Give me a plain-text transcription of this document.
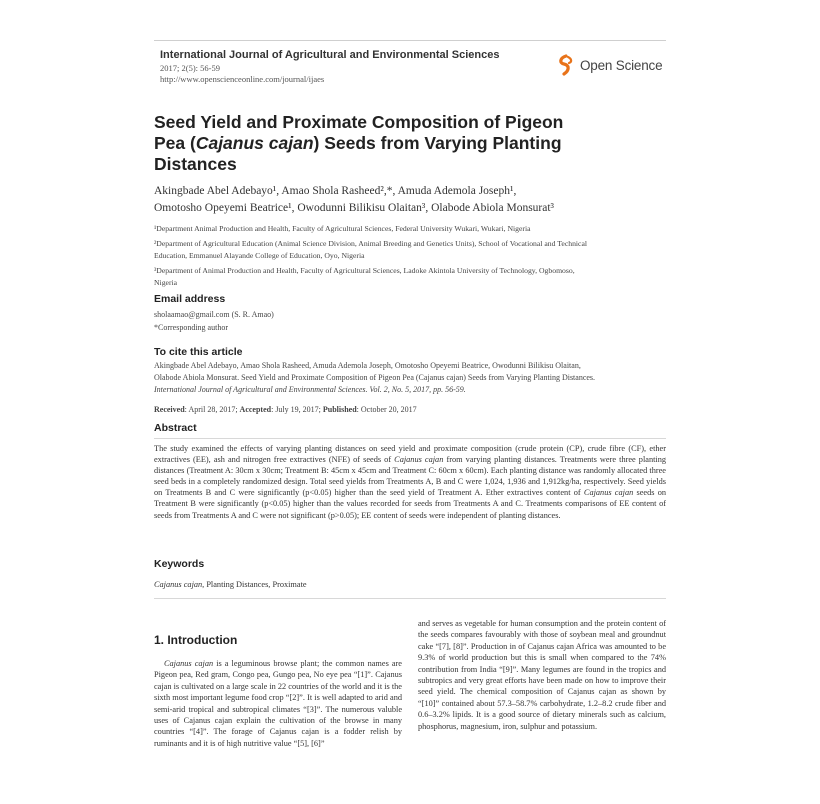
International Journal of Agricultural and Environmental Sciences
2017; 2(5): 56-59
http://www.openscienceonline.com/journal/ijaes
Open Science
Seed Yield and Proximate Composition of Pigeon
Pea (Cajanus cajan) Seeds from Varying Planting
Distances
Akingbade Abel Adebayo¹, Amao Shola Rasheed²,*, Amuda Ademola Joseph¹,
Omotosho Opeyemi Beatrice¹, Owodunni Bilikisu Olaitan³, Olabode Abiola Monsurat³
¹Department Animal Production and Health, Faculty of Agricultural Sciences, Federal University Wukari, Wukari, Nigeria
²Department of Agricultural Education (Animal Science Division, Animal Breeding and Genetics Units), School of Vocational and Technical
Education, Emmanuel Alayande College of Education, Oyo, Nigeria
³Department of Animal Production and Health, Faculty of Agricultural Sciences, Ladoke Akintola University of Technology, Ogbomoso,
Nigeria
Email address
sholaamao@gmail.com (S. R. Amao)
*Corresponding author
To cite this article
Akingbade Abel Adebayo, Amao Shola Rasheed, Amuda Ademola Joseph, Omotosho Opeyemi Beatrice, Owodunni Bilikisu Olaitan,
Olabode Abiola Monsurat. Seed Yield and Proximate Composition of Pigeon Pea (Cajanus cajan) Seeds from Varying Planting Distances.
International Journal of Agricultural and Environmental Sciences. Vol. 2, No. 5, 2017, pp. 56-59.
Received: April 28, 2017; Accepted: July 19, 2017; Published: October 20, 2017
Abstract
The study examined the effects of varying planting distances on seed yield and proximate composition (crude protein (CP), crude fibre (CF), ether extractives (EE), ash and nitrogen free extractives (NFE) of seeds of Cajanus cajan from varying planting distances. Treatments were three planting distances (Treatment A: 30cm x 30cm; Treatment B: 45cm x 45cm and Treatment C: 60cm x 60cm). Each planting distance was randomly allocated three seed beds in a completely randomized design. Total seed yields from Treatments A, B and C were 1,024, 1,936 and 1,912kg/ha, respectively. Seed yields on Treatments B and C were significantly (p<0.05) higher than the seed yield of Treatment A. Ether extractives content of Cajanus cajan seeds on Treatment B were significantly (p<0.05) higher than the values recorded for seeds from Treatments A and C. Treatments comparisons of EE content of seeds from Treatments A and C were not significant (p>0.05); EE content of seeds were independent of planting distances.
Keywords
Cajanus cajan, Planting Distances, Proximate
1. Introduction
Cajanus cajan is a leguminous browse plant; the common names are Pigeon pea, Red gram, Congo pea, Gungo pea, No eye pea “[1]”. Cajanus cajan is cultivated on a large scale in 22 countries of the world and it is the sixth most important legume food crop “[2]”. It is well adapted to arid and semi-arid tropical and subtropical climates “[3]”. The numerous valuble uses of Cajanus cajan explain the cultivation of the browse in many countries “[4]”. The forage of Cajanus cajan is a fodder relish by ruminants and it is of high nutritive value “[5], [6]”
and serves as vegetable for human consumption and the protein content of the seeds compares favourably with those of soybean meal and groundnut cake “[7], [8]”. Production in of Cajanus cajan Africa was amounted to be 9.3% of world production but this is small when compared to the 74% contribution from India “[9]”. Many legumes are found in the tropics and subtropics and very great efforts have been made on how to improve their seed yield. The chemical composition of Cajanus cajan as shown by “[10]” contained about 57.3–58.7% carbohydrate, 1.2–8.2 crude fiber and 0.6–3.2% lipids. It is a good source of dietary minerals such as calcium, phosphorus, magnesium, iron, sulphur and potassium.
